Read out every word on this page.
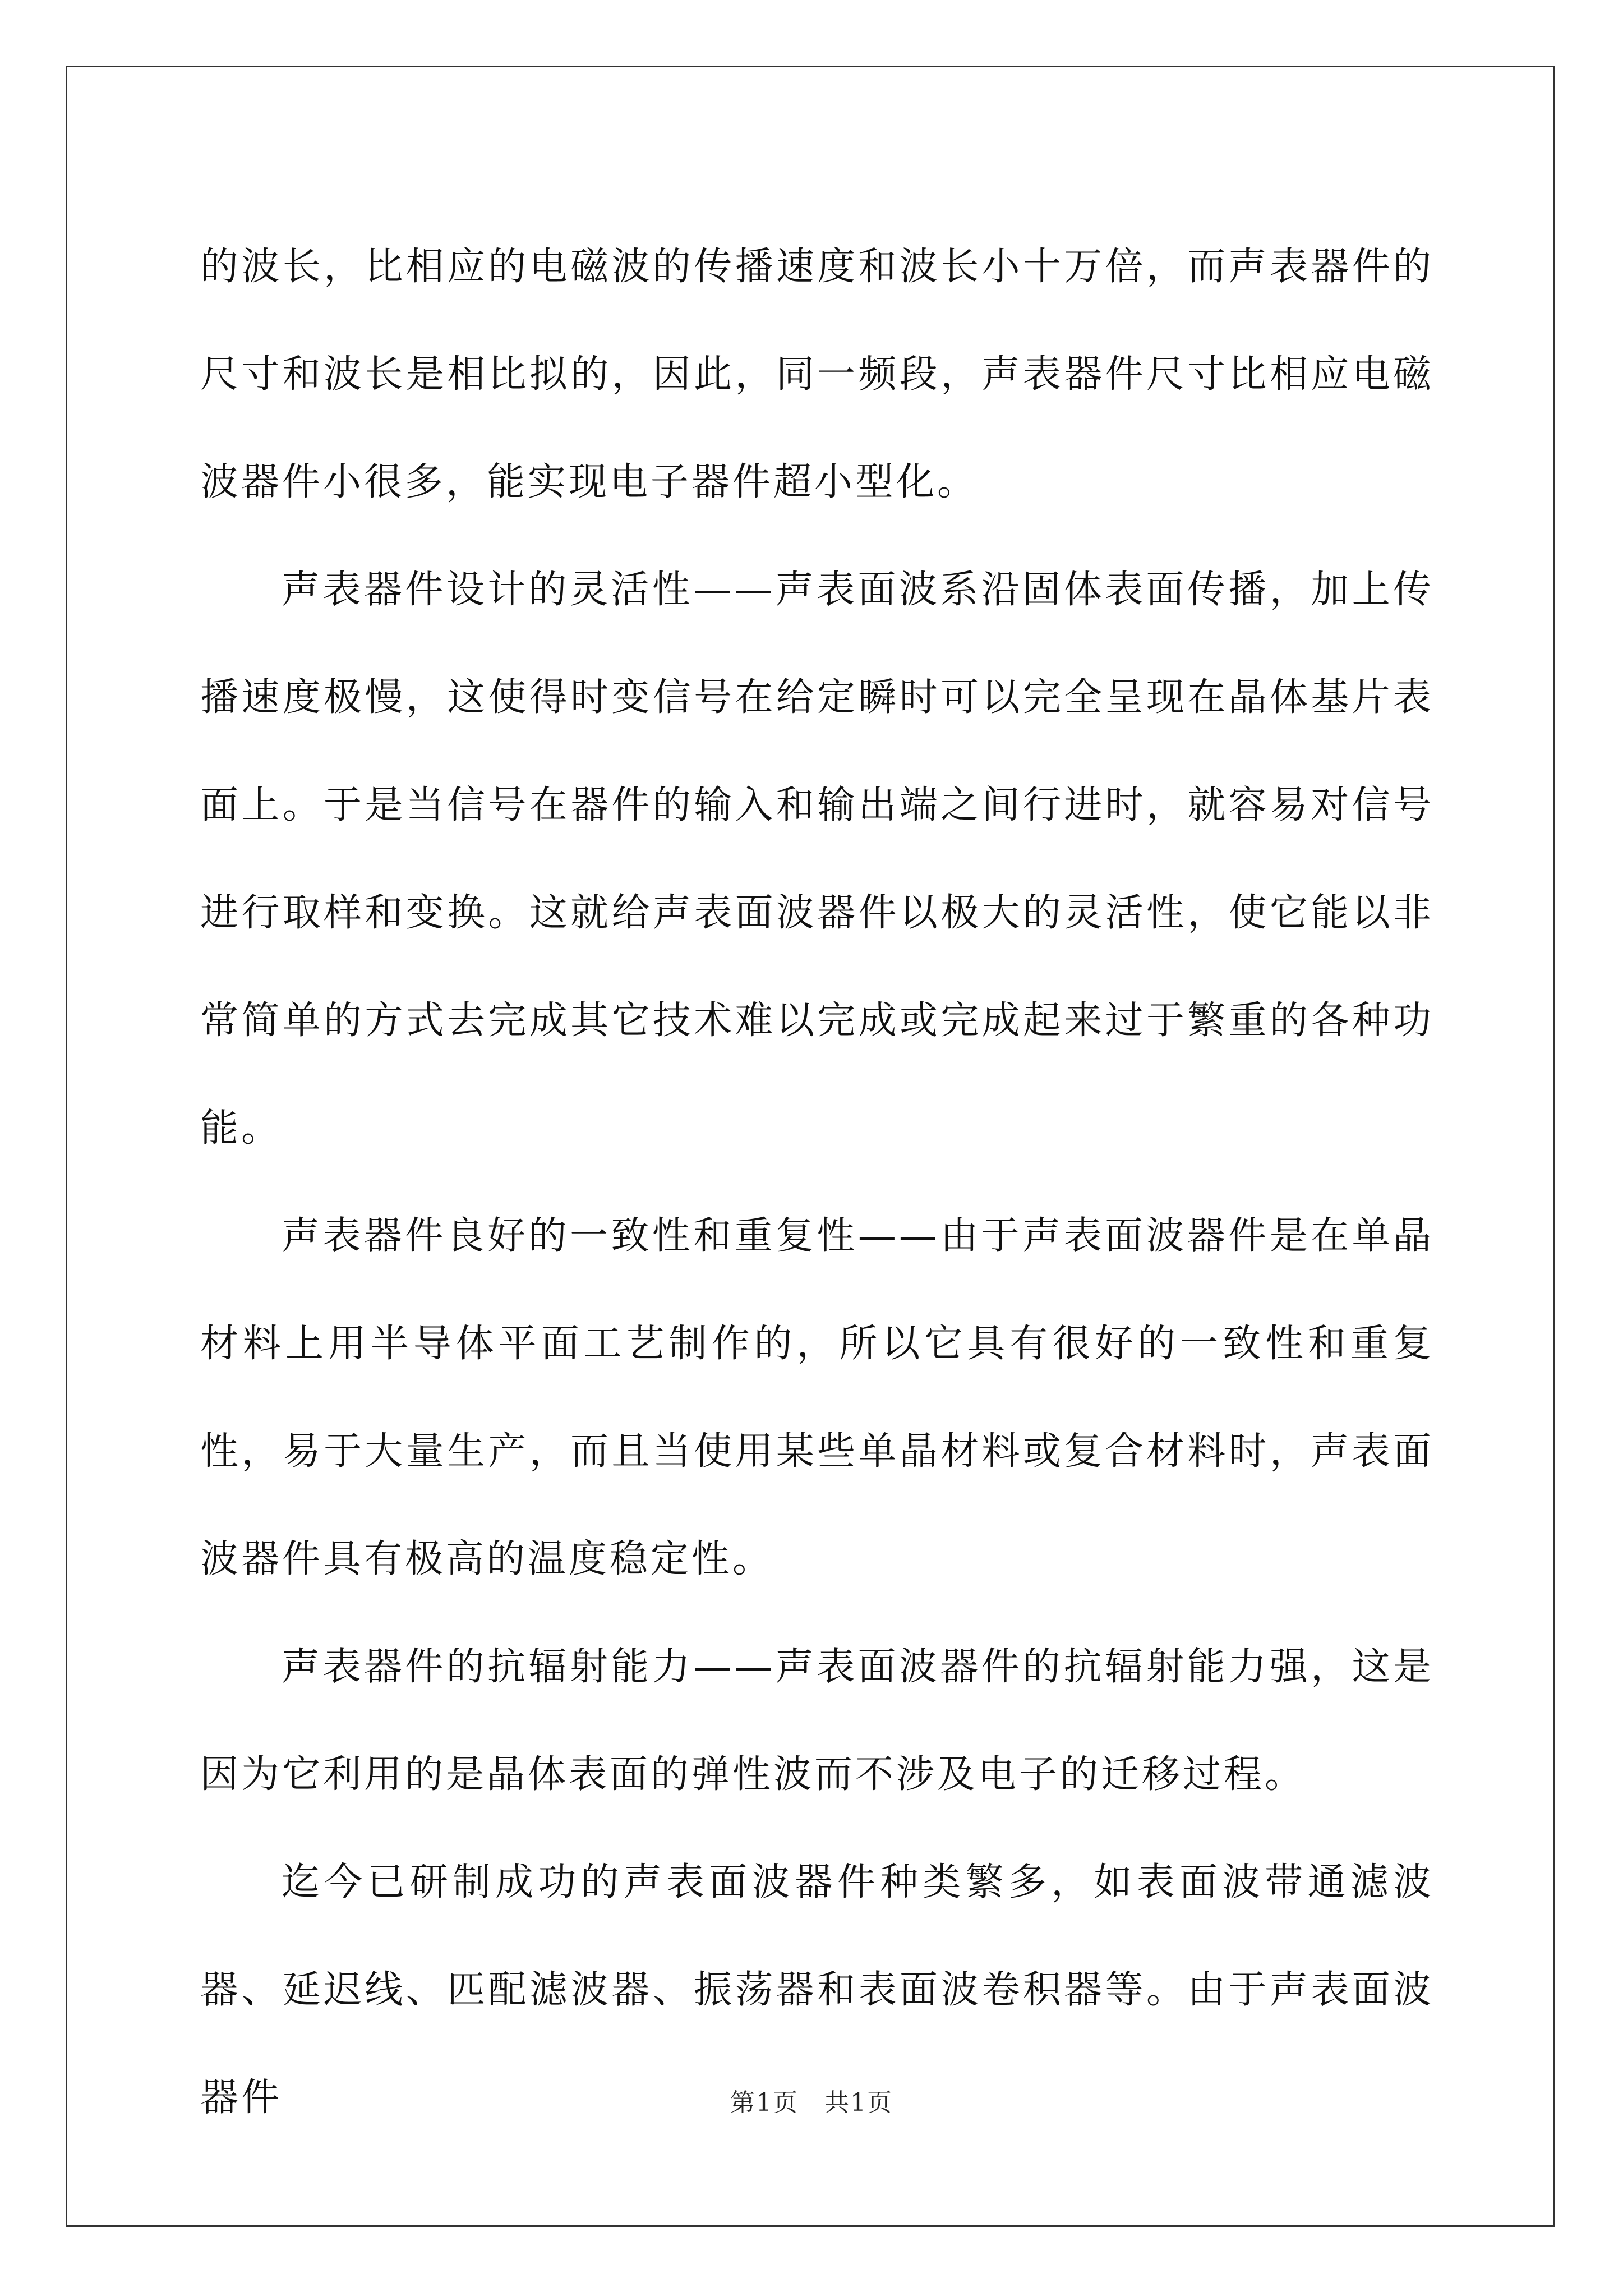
的波长，比相应的电磁波的传播速度和波长小十万倍，而声表器件的尺寸和波长是相比拟的，因此，同一频段，声表器件尺寸比相应电磁波器件小很多，能实现电子器件超小型化。

声表器件设计的灵活性——声表面波系沿固体表面传播，加上传播速度极慢，这使得时变信号在给定瞬时可以完全呈现在晶体基片表面上。于是当信号在器件的输入和输出端之间行进时，就容易对信号进行取样和变换。这就给声表面波器件以极大的灵活性，使它能以非常简单的方式去完成其它技术难以完成或完成起来过于繁重的各种功能。

声表器件良好的一致性和重复性——由于声表面波器件是在单晶材料上用半导体平面工艺制作的，所以它具有很好的一致性和重复性，易于大量生产，而且当使用某些单晶材料或复合材料时，声表面波器件具有极高的温度稳定性。

声表器件的抗辐射能力——声表面波器件的抗辐射能力强，这是因为它利用的是晶体表面的弹性波而不涉及电子的迁移过程。

迄今已研制成功的声表面波器件种类繁多，如表面波带通滤波器、延迟线、匹配滤波器、振荡器和表面波卷积器等。由于声表面波器件	第1页　共1页
